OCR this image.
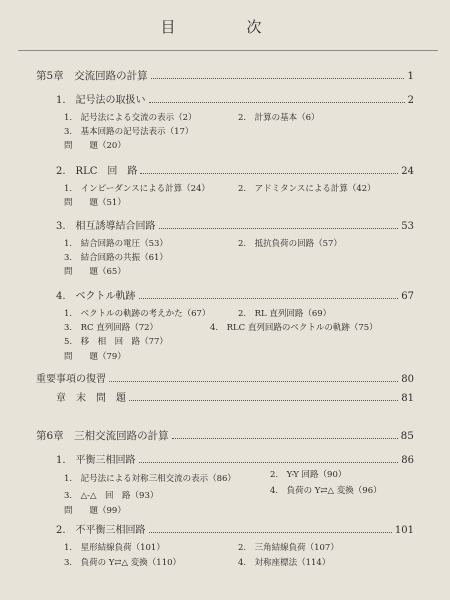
目　次
第5章　交流回路の計算	1
1.　記号法の取扱い	2
1.　記号法による交流の表示（2）	2.　計算の基本（6）
3.　基本回路の記号法表示（17）
問　　題（20）
2.　RLC　回　路	24
1.　インピーダンスによる計算（24）	2.　アドミタンスによる計算（42）
問　　題（51）
3.　相互誘導結合回路	53
1.　結合回路の電圧（53）	2.　抵抗負荷の回路（57）
3.　結合回路の共振（61）
問　　題（65）
4.　ベクトル軌跡	67
1.　ベクトルの軌跡の考えかた（67）	2.　RL 直列回路（69）
3.　RC 直列回路（72）	4.　RLC 直列回路のベクトルの軌跡（75）
5.　移　相　回　路（77）
問　　題（79）
重要事項の復習	80
章　末　問　題	81
第6章　三相交流回路の計算	85
1.　平衡三相回路	86
1.　記号法による対称三相交流の表示（86）	2.　Y-Y 回路（90）
3.　△-△　回　路（93）	4.　負荷の Y⇄△ 変換（96）
問　　題（99）
2.　不平衡三相回路	101
1.　星形結線負荷（101）	2.　三角結線負荷（107）
3.　負荷の Y⇄△ 変換（110）	4.　対称座標法（114）
